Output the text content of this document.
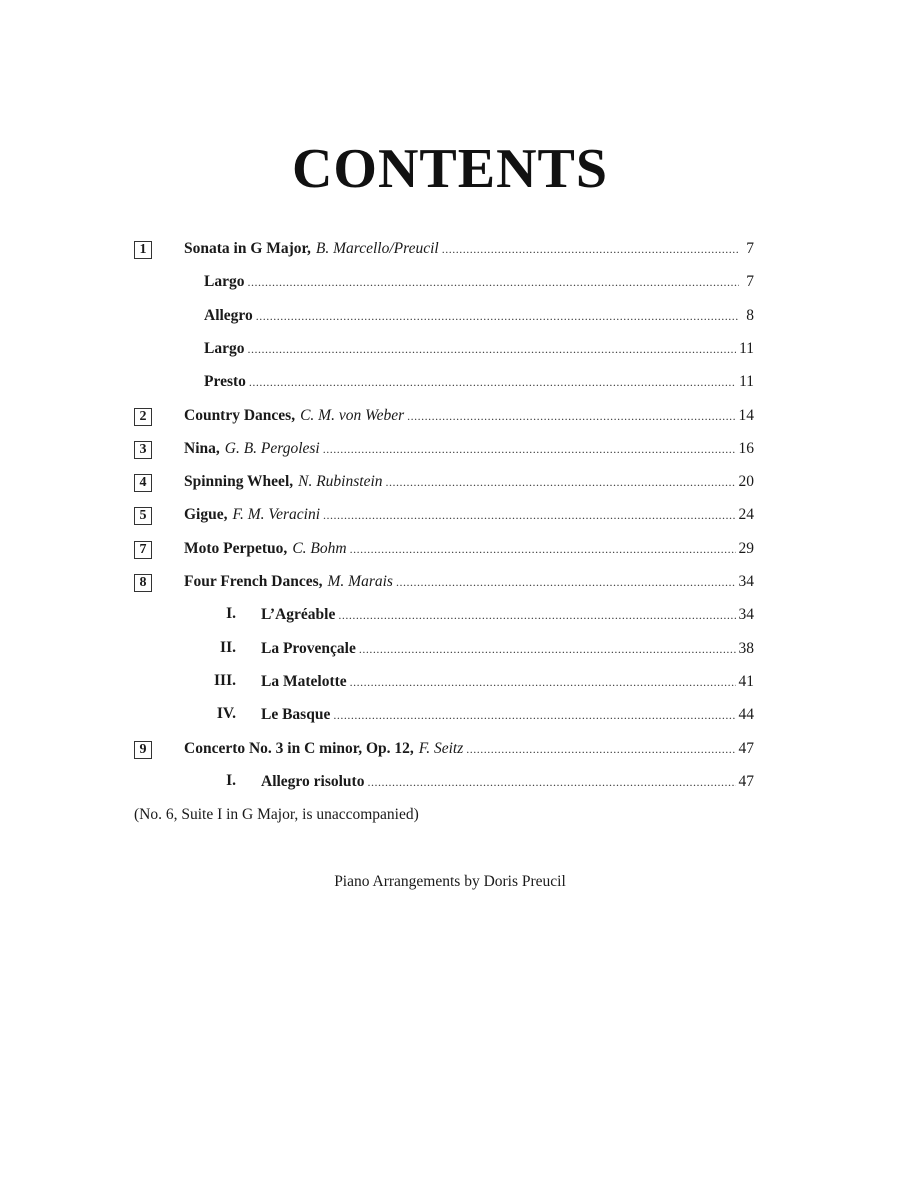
CONTENTS
1	Sonata in G Major, B. Marcello/Preucil .....	7
Largo .....	7
Allegro .....	8
Largo .....	11
Presto .....	11
2	Country Dances, C. M. von Weber .....	14
3	Nina, G. B. Pergolesi .....	16
4	Spinning Wheel, N. Rubinstein .....	20
5	Gigue, F. M. Veracini .....	24
7	Moto Perpetuo, C. Bohm .....	29
8	Four French Dances, M. Marais .....	34
I. L’Agréable .....	34
II. La Provençale .....	38
III. La Matelotte .....	41
IV. Le Basque .....	44
9	Concerto No. 3 in C minor, Op. 12, F. Seitz .....	47
I. Allegro risoluto .....	47
(No. 6, Suite I in G Major, is unaccompanied)
Piano Arrangements by Doris Preucil
